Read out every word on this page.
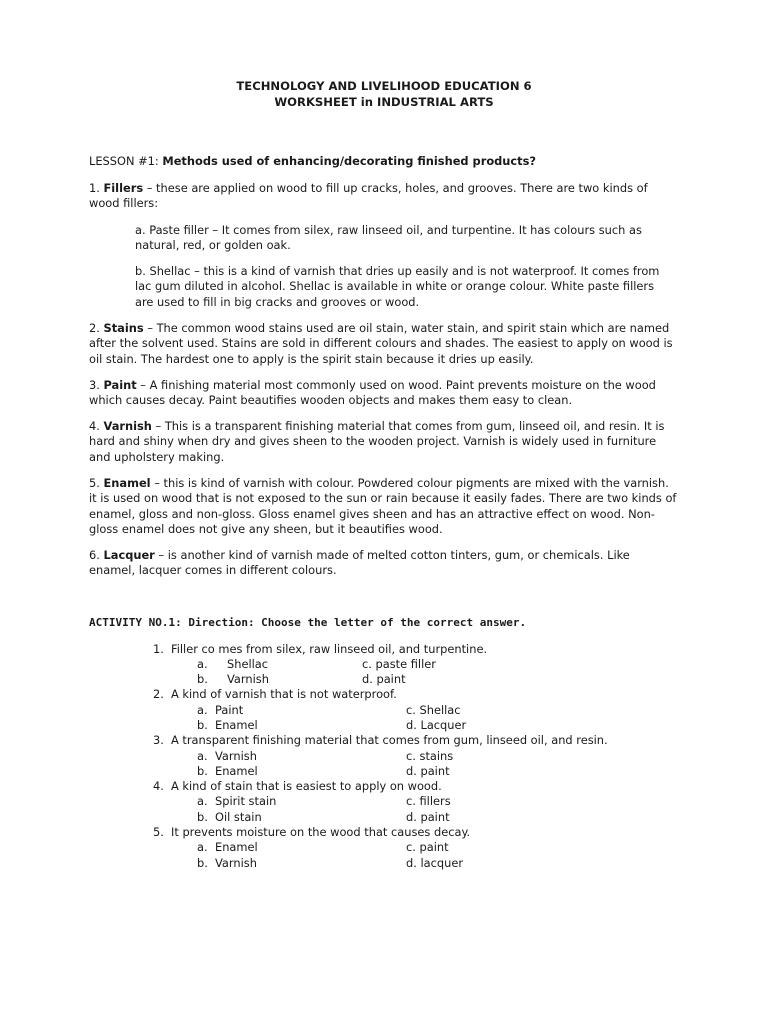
TECHNOLOGY AND LIVELIHOOD EDUCATION 6
WORKSHEET in INDUSTRIAL ARTS
LESSON #1: Methods used of enhancing/decorating finished products?
1. Fillers – these are applied on wood to fill up cracks, holes, and grooves. There are two kinds of wood fillers:
a. Paste filler – It comes from silex, raw linseed oil, and turpentine. It has colours such as natural, red, or golden oak.
b. Shellac – this is a kind of varnish that dries up easily and is not waterproof. It comes from lac gum diluted in alcohol. Shellac is available in white or orange colour. White paste fillers are used to fill in big cracks and grooves or wood.
2. Stains – The common wood stains used are oil stain, water stain, and spirit stain which are named after the solvent used. Stains are sold in different colours and shades. The easiest to apply on wood is oil stain. The hardest one to apply is the spirit stain because it dries up easily.
3. Paint – A finishing material most commonly used on wood. Paint prevents moisture on the wood which causes decay. Paint beautifies wooden objects and makes them easy to clean.
4. Varnish – This is a transparent finishing material that comes from gum, linseed oil, and resin. It is hard and shiny when dry and gives sheen to the wooden project. Varnish is widely used in furniture and upholstery making.
5. Enamel – this is kind of varnish with colour. Powdered colour pigments are mixed with the varnish. it is used on wood that is not exposed to the sun or rain because it easily fades. There are two kinds of enamel, gloss and non-gloss. Gloss enamel gives sheen and has an attractive effect on wood. Non-gloss enamel does not give any sheen, but it beautifies wood.
6. Lacquer – is another kind of varnish made of melted cotton tinters, gum, or chemicals. Like enamel, lacquer comes in different colours.
ACTIVITY NO.1: Direction: Choose the letter of the correct answer.
1. Filler co mes from silex, raw linseed oil, and turpentine.
a. Shellac	c. paste filler
b. Varnish	d. paint
2. A kind of varnish that is not waterproof.
a. Paint	c. Shellac
b. Enamel	d. Lacquer
3. A transparent finishing material that comes from gum, linseed oil, and resin.
a. Varnish	c. stains
b. Enamel	d. paint
4. A kind of stain that is easiest to apply on wood.
a. Spirit stain	c. fillers
b. Oil stain	d. paint
5. It prevents moisture on the wood that causes decay.
a. Enamel	c. paint
b. Varnish	d. lacquer
